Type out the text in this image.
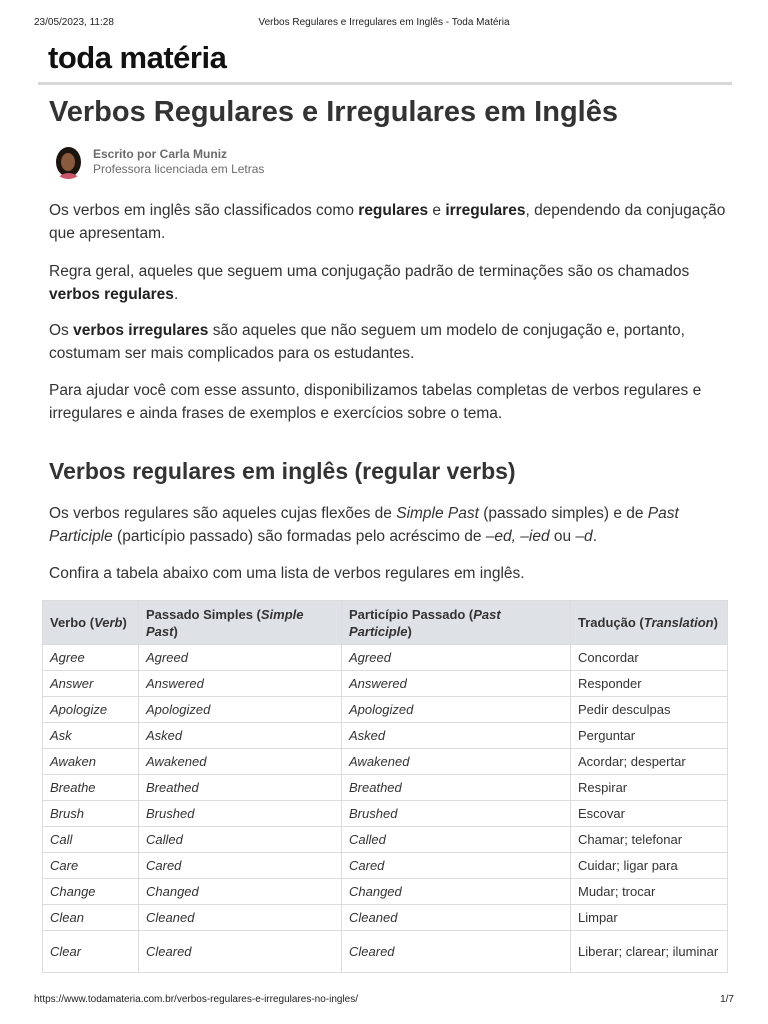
23/05/2023, 11:28	Verbos Regulares e Irregulares em Inglês - Toda Matéria
toda matéria
Verbos Regulares e Irregulares em Inglês
Escrito por Carla Muniz
Professora licenciada em Letras

Os verbos em inglês são classificados como regulares e irregulares, dependendo da conjugação que apresentam.

Regra geral, aqueles que seguem uma conjugação padrão de terminações são os chamados verbos regulares.

Os verbos irregulares são aqueles que não seguem um modelo de conjugação e, portanto, costumam ser mais complicados para os estudantes.

Para ajudar você com esse assunto, disponibilizamos tabelas completas de verbos regulares e irregulares e ainda frases de exemplos e exercícios sobre o tema.

Verbos regulares em inglês (regular verbs)

Os verbos regulares são aqueles cujas flexões de Simple Past (passado simples) e de Past Participle (particípio passado) são formadas pelo acréscimo de –ed, –ied ou –d.

Confira a tabela abaixo com uma lista de verbos regulares em inglês.

Verbo (Verb)	Passado Simples (Simple Past)	Particípio Passado (Past Participle)	Tradução (Translation)
Agree	Agreed	Agreed	Concordar
Answer	Answered	Answered	Responder
Apologize	Apologized	Apologized	Pedir desculpas
Ask	Asked	Asked	Perguntar
Awaken	Awakened	Awakened	Acordar; despertar
Breathe	Breathed	Breathed	Respirar
Brush	Brushed	Brushed	Escovar
Call	Called	Called	Chamar; telefonar
Care	Cared	Cared	Cuidar; ligar para
Change	Changed	Changed	Mudar; trocar
Clean	Cleaned	Cleaned	Limpar
Clear	Cleared	Cleared	Liberar; clarear; iluminar
https://www.todamateria.com.br/verbos-regulares-e-irregulares-no-ingles/	1/7
